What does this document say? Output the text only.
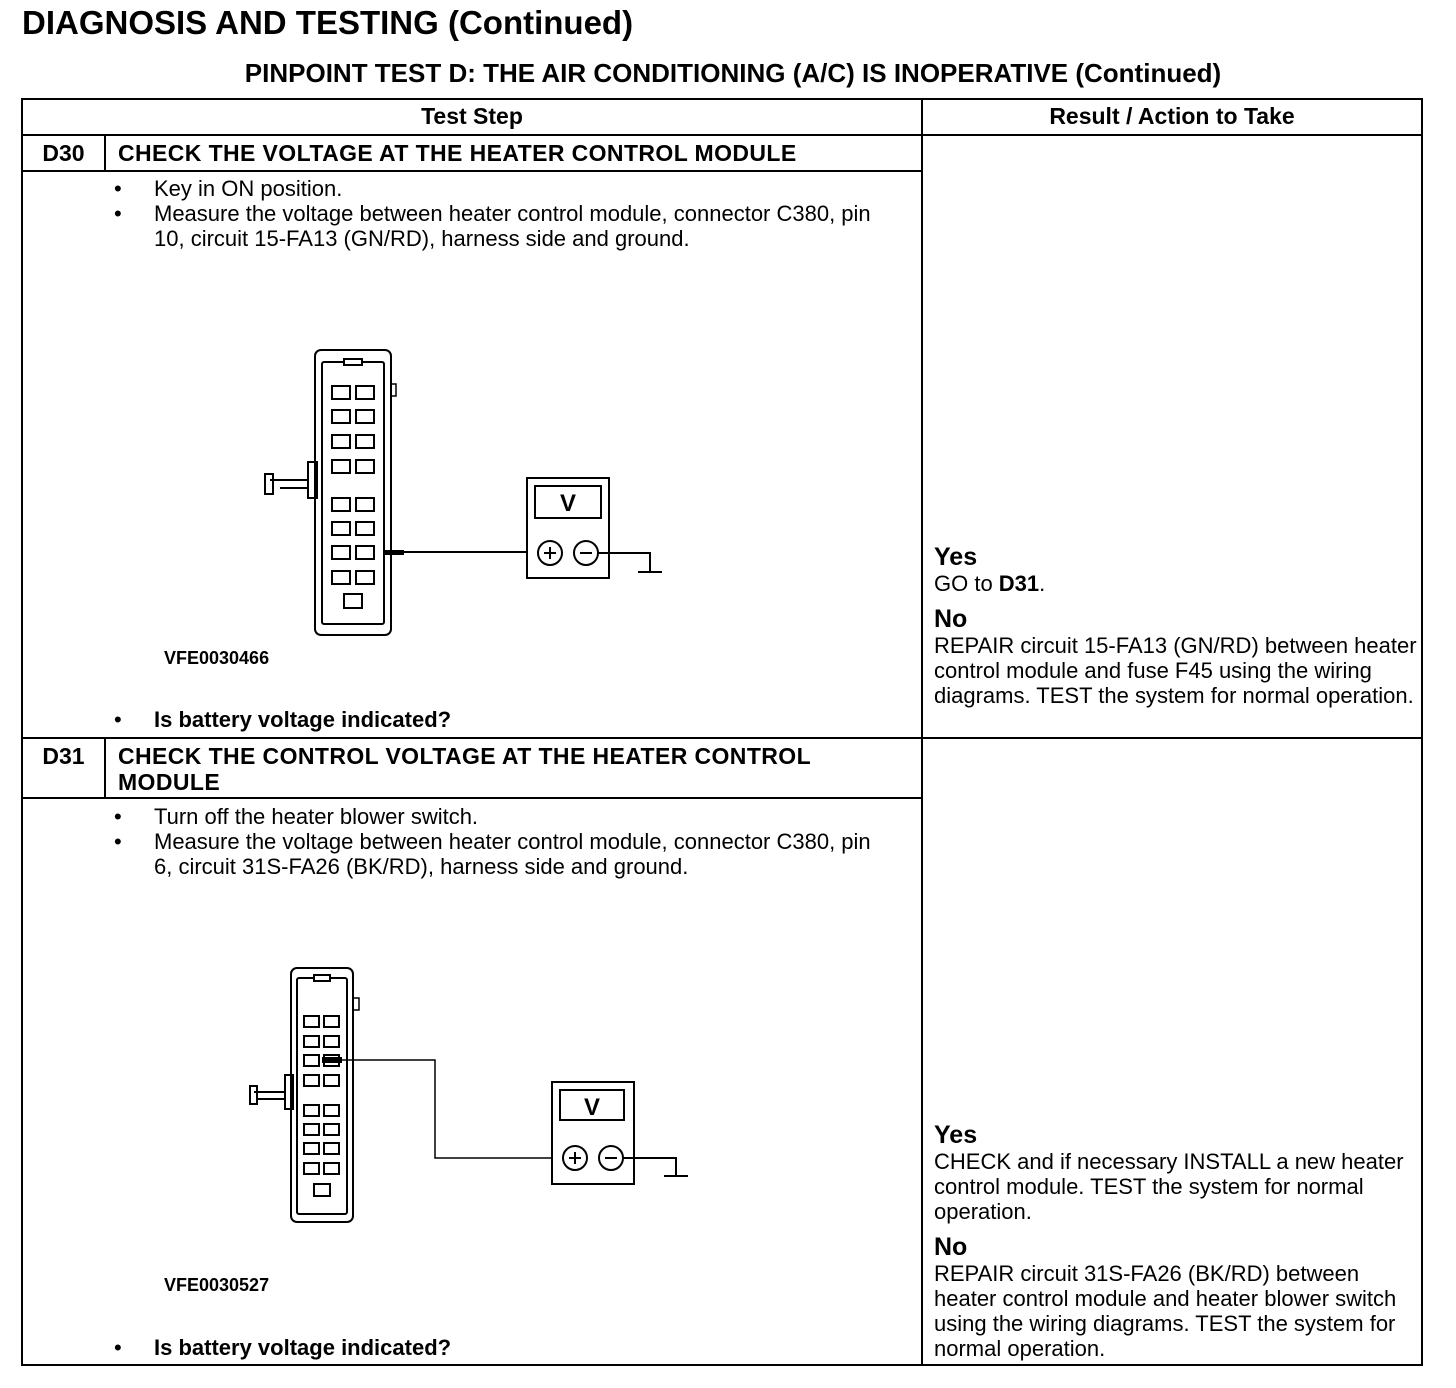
DIAGNOSIS AND TESTING (Continued)
PINPOINT TEST D: THE AIR CONDITIONING (A/C) IS INOPERATIVE (Continued)
Test Step	Result / Action to Take
D30	CHECK THE VOLTAGE AT THE HEATER CONTROL MODULE
• Key in ON position.
• Measure the voltage between heater control module, connector C380, pin 10, circuit 15-FA13 (GN/RD), harness side and ground.
V
VFE0030466
• Is battery voltage indicated?
Yes
GO to D31.
No
REPAIR circuit 15-FA13 (GN/RD) between heater control module and fuse F45 using the wiring diagrams. TEST the system for normal operation.
D31	CHECK THE CONTROL VOLTAGE AT THE HEATER CONTROL MODULE
• Turn off the heater blower switch.
• Measure the voltage between heater control module, connector C380, pin 6, circuit 31S-FA26 (BK/RD), harness side and ground.
V
VFE0030527
• Is battery voltage indicated?
Yes
CHECK and if necessary INSTALL a new heater control module. TEST the system for normal operation.
No
REPAIR circuit 31S-FA26 (BK/RD) between heater control module and heater blower switch using the wiring diagrams. TEST the system for normal operation.
